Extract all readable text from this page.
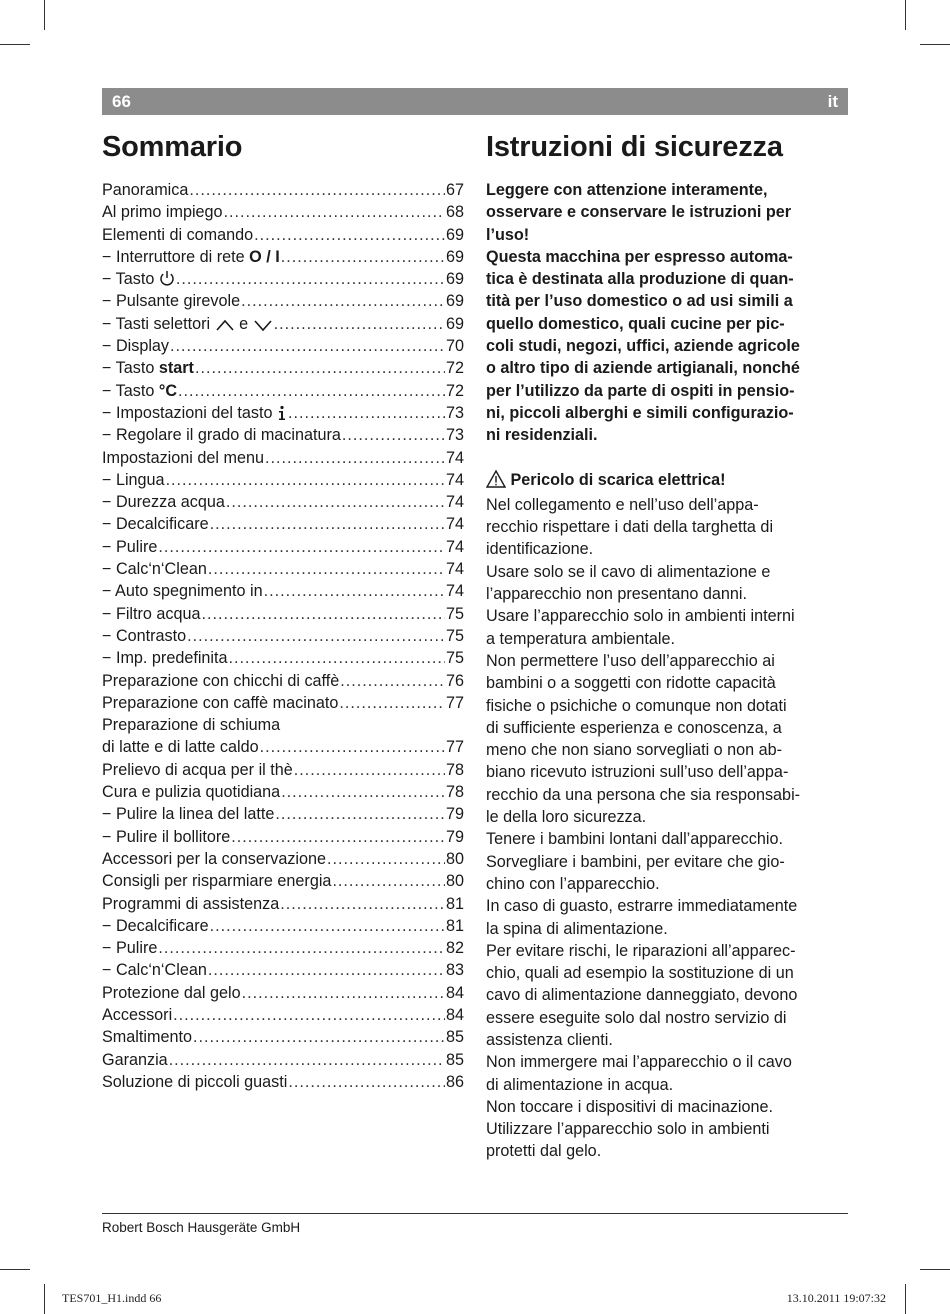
66	it
Sommario	Istruzioni di sicurezza
Panoramica .....	67
Al primo impiego .....	68
Elementi di comando .....	69
− Interruttore di rete O / I .....	69
− Tasto .....	69
− Pulsante girevole .....	69
− Tasti selettori  e .....	69
− Display .....	70
− Tasto start .....	72
− Tasto °C .....	72
− Impostazioni del tasto .....	73
− Regolare il grado di macinatura .....	73
Impostazioni del menu .....	74
− Lingua .....	74
− Durezza acqua .....	74
− Decalcificare .....	74
− Pulire .....	74
− Calc‘n‘Clean .....	74
− Auto spegnimento in .....	74
− Filtro acqua .....	75
− Contrasto .....	75
− Imp. predefinita .....	75
Preparazione con chicchi di caffè .....	76
Preparazione con caffè macinato .....	77
Preparazione di schiuma
di latte e di latte caldo .....	77
Prelievo di acqua per il thè .....	78
Cura e pulizia quotidiana .....	78
− Pulire la linea del latte .....	79
− Pulire il bollitore .....	79
Accessori per la conservazione .....	80
Consigli per risparmiare energia .....	80
Programmi di assistenza .....	81
− Decalcificare .....	81
− Pulire .....	82
− Calc‘n‘Clean .....	83
Protezione dal gelo .....	84
Accessori .....	84
Smaltimento .....	85
Garanzia .....	85
Soluzione di piccoli guasti .....	86

Leggere con attenzione interamente,

osservare e conservare le istruzioni per

l’uso!

Questa macchina per espresso automa-

tica è destinata alla produzione di quan-

tità per l’uso domestico o ad usi simili a

quello domestico, quali cucine per pic-

coli studi, negozi, uffici, aziende agricole

o altro tipo di aziende artigianali, nonché

per l’utilizzo da parte di ospiti in pensio-

ni, piccoli alberghi e simili configurazio-

ni residenziali.

Pericolo di scarica elettrica!

Nel collegamento e nell’uso dell’appa-

recchio rispettare i dati della targhetta di

identificazione.

Usare solo se il cavo di alimentazione e

l’apparecchio non presentano danni.

Usare l’apparecchio solo in ambienti interni

a temperatura ambientale.

Non permettere l’uso dell’apparecchio ai

bambini o a soggetti con ridotte capacità

fisiche o psichiche o comunque non dotati

di sufficiente esperienza e conoscenza, a

meno che non siano sorvegliati o non ab-

biano ricevuto istruzioni sull’uso dell’appa-

recchio da una persona che sia responsabi-

le della loro sicurezza.

Tenere i bambini lontani dall’apparecchio.

Sorvegliare i bambini, per evitare che gio-

chino con l’apparecchio.

In caso di guasto, estrarre immediatamente

la spina di alimentazione.

Per evitare rischi, le riparazioni all’apparec-

chio, quali ad esempio la sostituzione di un

cavo di alimentazione danneggiato, devono

essere eseguite solo dal nostro servizio di

assistenza clienti.

Non immergere mai l’apparecchio o il cavo

di alimentazione in acqua.

Non toccare i dispositivi di macinazione.

Utilizzare l’apparecchio solo in ambienti

protetti dal gelo.

Robert Bosch Hausgeräte GmbH
TES701_H1.indd 66	13.10.2011 19:07:32
